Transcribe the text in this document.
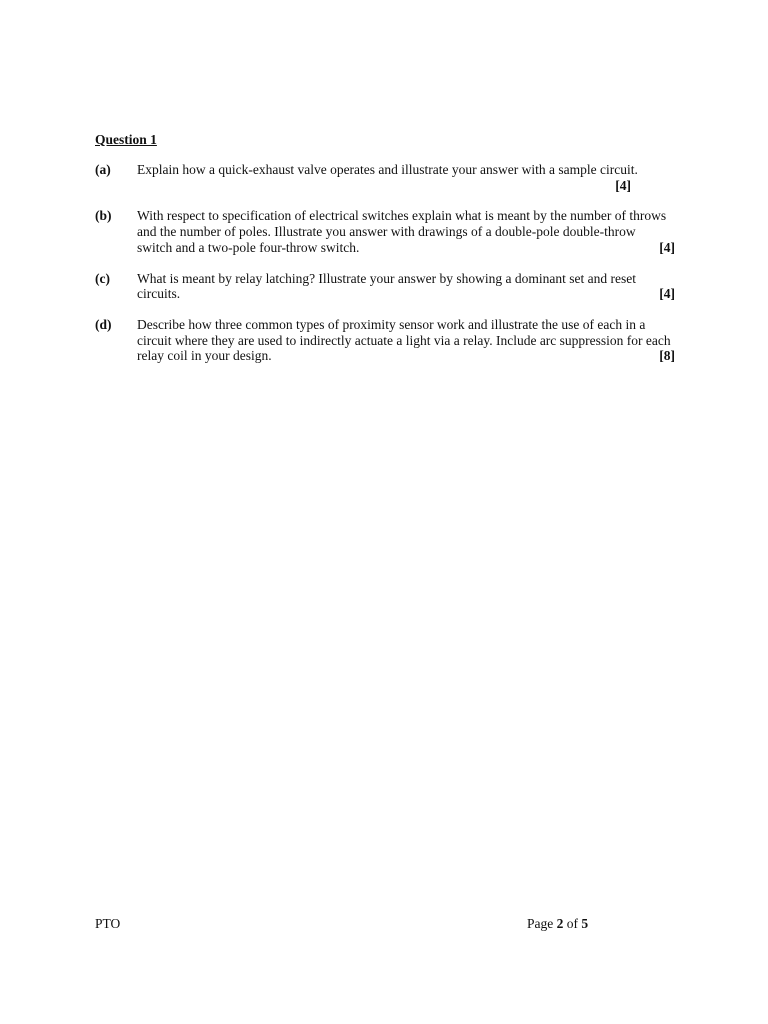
Question 1
(a) Explain how a quick-exhaust valve operates and illustrate your answer with a sample circuit.
[4]
(b)
[4]
With respect to specification of electrical switches explain what is meant by the number of throws and the number of poles. Illustrate you answer with drawings of a double-pole double-throw switch and a two-pole four-throw switch.
(c)
[4]
What is meant by relay latching? Illustrate your answer by showing a dominant set and reset circuits.
(d)
[8]
Describe how three common types of proximity sensor work and illustrate the use of each in a circuit where they are used to indirectly actuate a light via a relay. Include arc suppression for each relay coil in your design.
PTO	Page 2 of 5
